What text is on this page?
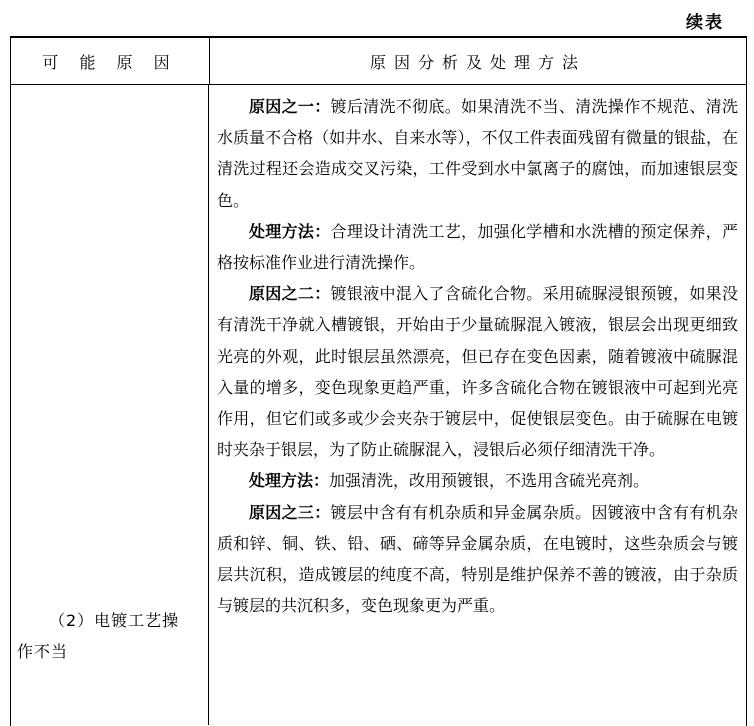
续表
可 能 原 因	原因分析及处理方法
（2）电镀工艺操
作不当

原因之一：镀后清洗不彻底。如果清洗不当、清洗操作不规范、清洗水质量不合格（如井水、自来水等），不仅工件表面残留有微量的银盐，在清洗过程还会造成交叉污染，工件受到水中氯离子的腐蚀，而加速银层变色。

处理方法：合理设计清洗工艺，加强化学槽和水洗槽的预定保养，严格按标准作业进行清洗操作。

原因之二：镀银液中混入了含硫化合物。采用硫脲浸银预镀，如果没有清洗干净就入槽镀银，开始由于少量硫脲混入镀液，银层会出现更细致光亮的外观，此时银层虽然漂亮，但已存在变色因素，随着镀液中硫脲混入量的增多，变色现象更趋严重，许多含硫化合物在镀银液中可起到光亮作用，但它们或多或少会夹杂于镀层中，促使银层变色。由于硫脲在电镀时夹杂于银层，为了防止硫脲混入，浸银后必须仔细清洗干净。

处理方法：加强清洗，改用预镀银，不选用含硫光亮剂。

原因之三：镀层中含有有机杂质和异金属杂质。因镀液中含有有机杂质和锌、铜、铁、铅、硒、碲等异金属杂质，在电镀时，这些杂质会与镀层共沉积，造成镀层的纯度不高，特别是维护保养不善的镀液，由于杂质与镀层的共沉积多，变色现象更为严重。
